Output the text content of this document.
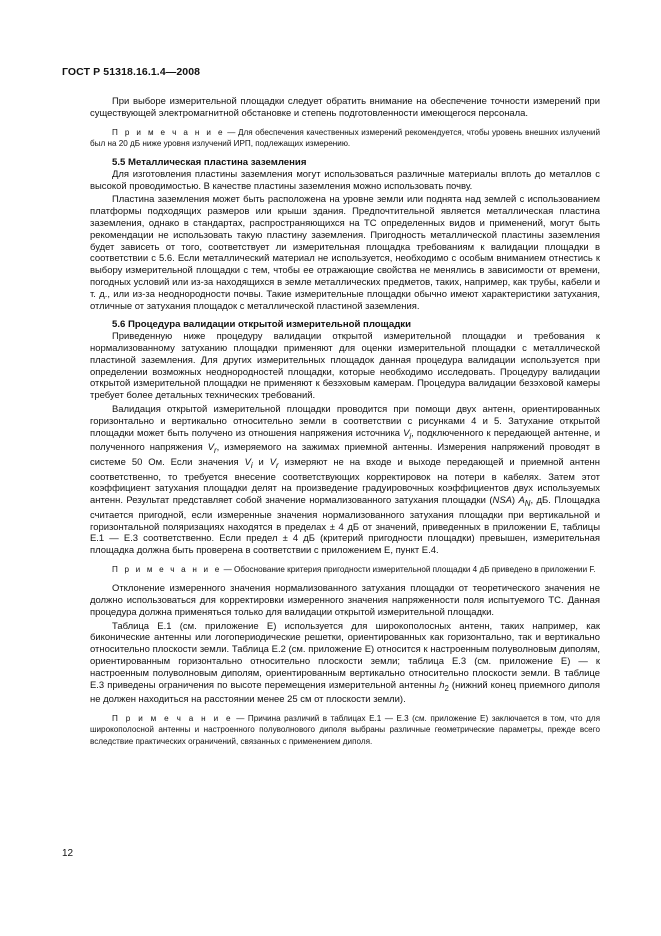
ГОСТ Р 51318.16.1.4—2008

При выборе измерительной площадки следует обратить внимание на обеспечение точности измерений при существующей электромагнитной обстановке и степень подготовленности имеющегося персонала.

П р и м е ч а н и е — Для обеспечения качественных измерений рекомендуется, чтобы уровень внешних излучений был на 20 дБ ниже уровня излучений ИРП, подлежащих измерению.

5.5 Металлическая пластина заземления

Для изготовления пластины заземления могут использоваться различные материалы вплоть до металлов с высокой проводимостью. В качестве пластины заземления можно использовать почву.

Пластина заземления может быть расположена на уровне земли или поднята над землей с использованием платформы подходящих размеров или крыши здания. Предпочтительной является металлическая пластина заземления, однако в стандартах, распространяющихся на ТС определенных видов и применений, могут быть рекомендации не использовать такую пластину заземления. Пригодность металлической пластины заземления будет зависеть от того, соответствует ли измерительная площадка требованиям к валидации площадки в соответствии с 5.6. Если металлический материал не используется, необходимо с особым вниманием отнестись к выбору измерительной площадки с тем, чтобы ее отражающие свойства не менялись в зависимости от времени, погодных условий или из-за находящихся в земле металлических предметов, таких, например, как трубы, кабели и т. д., или из-за неоднородности почвы. Такие измерительные площадки обычно имеют характеристики затухания, отличные от затухания площадок с металлической пластиной заземления.

5.6 Процедура валидации открытой измерительной площадки

Приведенную ниже процедуру валидации открытой измерительной площадки и требования к нормализованному затуханию площадки применяют для оценки измерительной площадки с металлической пластиной заземления. Для других измерительных площадок данная процедура валидации используется при определении возможных неоднородностей площадки, которые необходимо исследовать. Процедуру валидации открытой измерительной площадки не применяют к безэховым камерам. Процедура валидации безэховой камеры требует более детальных технических требований.

Валидация открытой измерительной площадки проводится при помощи двух антенн, ориентированных горизонтально и вертикально относительно земли в соответствии с рисунками 4 и 5. Затухание открытой площадки может быть получено из отношения напряжения источника $V_i$, подключенного к передающей антенне, и полученного напряжения $V_r$, измеряемого на зажимах приемной антенны. Измерения напряжений проводят в системе 50 Ом. Если значения $V_i$ и $V_r$ измеряют не на входе и выходе передающей и приемной антенн соответственно, то требуется внесение соответствующих корректировок на потери в кабелях. Затем этот коэффициент затухания площадки делят на произведение градуировочных коэффициентов двух используемых антенн. Результат представляет собой значение нормализованного затухания площадки (NSA) $A_N$, дБ. Площадка считается пригодной, если измеренные значения нормализованного затухания площадки при вертикальной и горизонтальной поляризациях находятся в пределах ± 4 дБ от значений, приведенных в приложении Е, таблицы Е.1 — Е.3 соответственно. Если предел ± 4 дБ (критерий пригодности площадки) превышен, измерительная площадка должна быть проверена в соответствии с приложением Е, пункт Е.4.

П р и м е ч а н и е — Обоснование критерия пригодности измерительной площадки 4 дБ приведено в приложении F.

Отклонение измеренного значения нормализованного затухания площадки от теоретического значения не должно использоваться для корректировки измеренного значения напряженности поля испытуемого ТС. Данная процедура должна применяться только для валидации открытой измерительной площадки.

Таблица Е.1 (см. приложение Е) используется для широкополосных антенн, таких например, как биконические антенны или логопериодические решетки, ориентированных как горизонтально, так и вертикально относительно плоскости земли. Таблица Е.2 (см. приложение Е) относится к настроенным полуволновым диполям, ориентированным горизонтально относительно плоскости земли; таблица Е.3 (см. приложение Е) — к настроенным полуволновым диполям, ориентированным вертикально относительно плоскости земли. В таблице Е.3 приведены ограничения по высоте перемещения измерительной антенны $h_2$ (нижний конец приемного диполя не должен находиться на расстоянии менее 25 см от плоскости земли).

П р и м е ч а н и е — Причина различий в таблицах Е.1 — Е.3 (см. приложение Е) заключается в том, что для широкополосной антенны и настроенного полуволнового диполя выбраны различные геометрические параметры, прежде всего вследствие практических ограничений, связанных с применением диполя.

12
